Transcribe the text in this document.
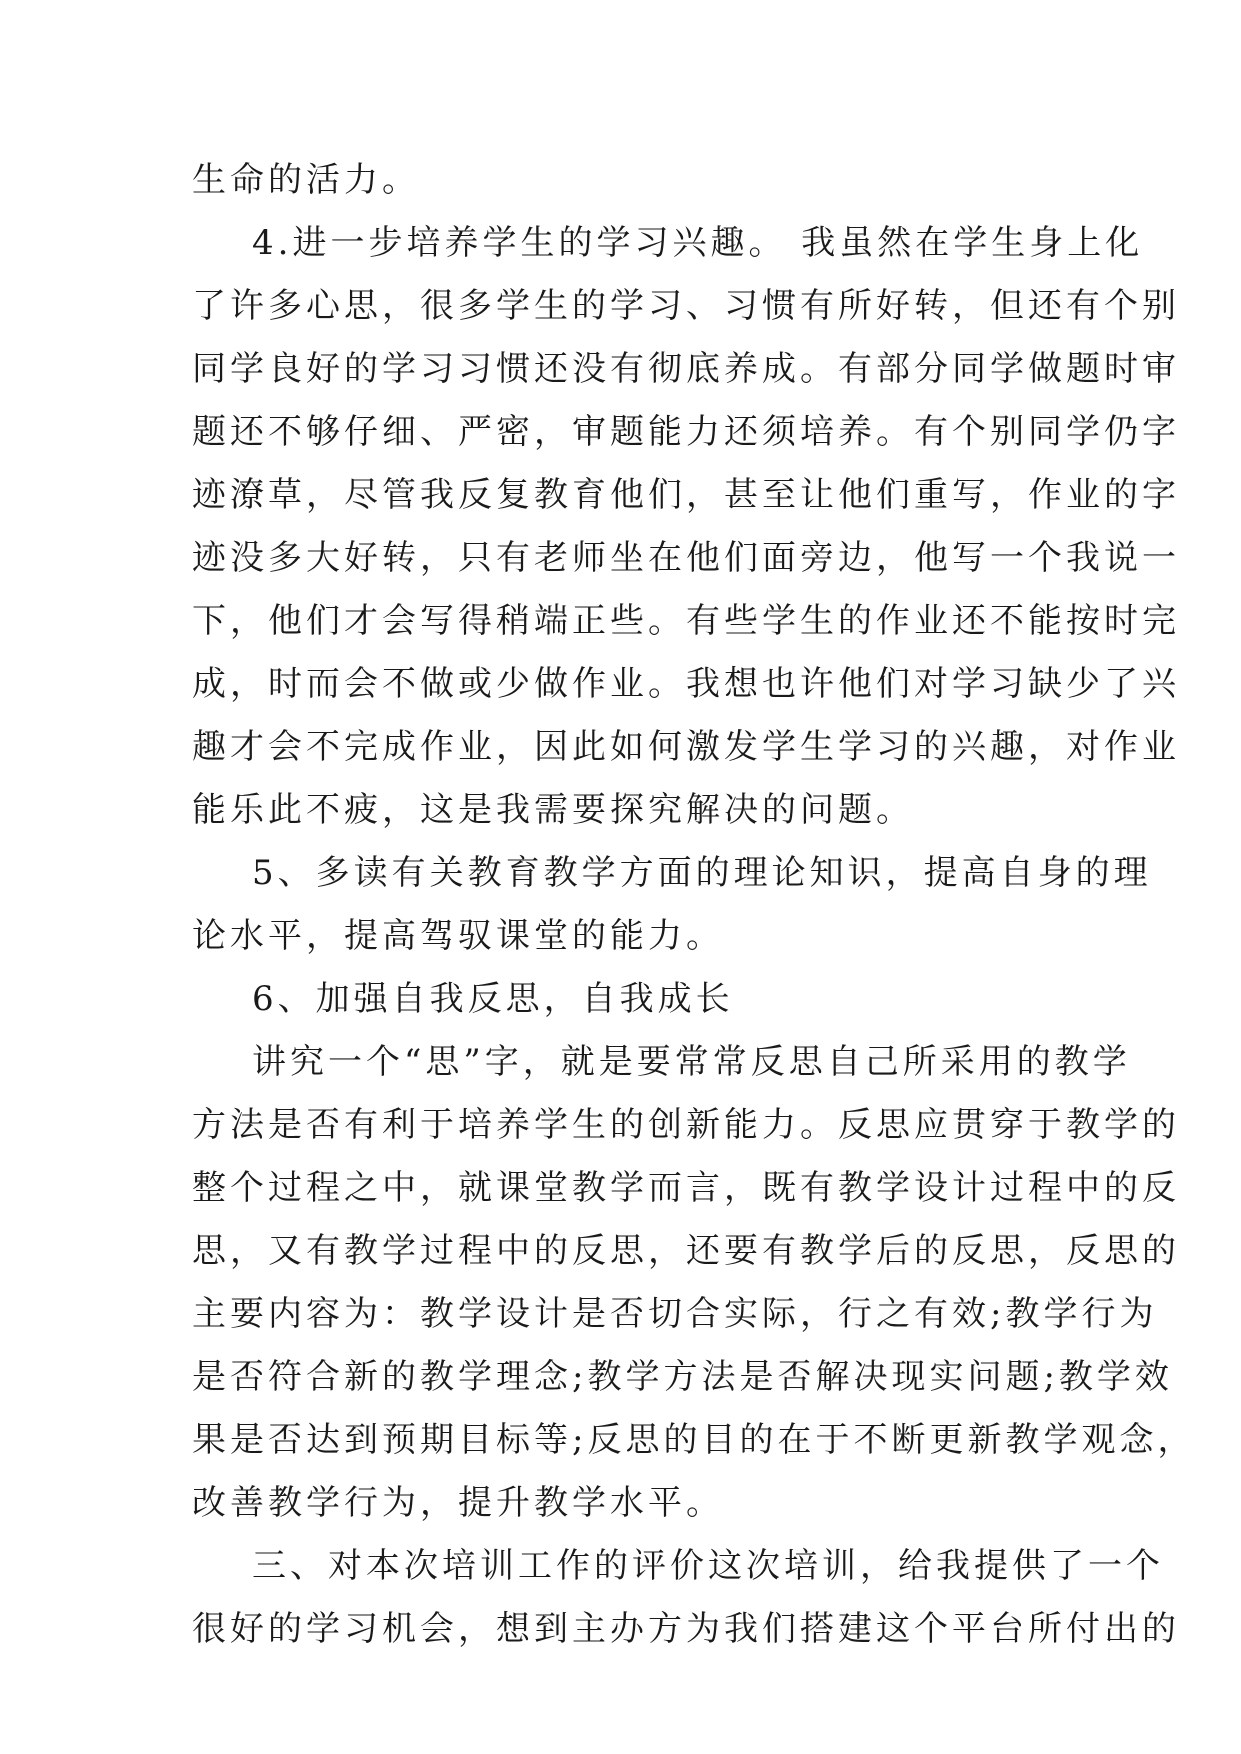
生命的活力。
4.进一步培养学生的学习兴趣。 我虽然在学生身上化
了许多心思，很多学生的学习、习惯有所好转，但还有个别
同学良好的学习习惯还没有彻底养成。有部分同学做题时审
题还不够仔细、严密，审题能力还须培养。有个别同学仍字
迹潦草，尽管我反复教育他们，甚至让他们重写，作业的字
迹没多大好转，只有老师坐在他们面旁边，他写一个我说一
下，他们才会写得稍端正些。有些学生的作业还不能按时完
成，时而会不做或少做作业。我想也许他们对学习缺少了兴
趣才会不完成作业，因此如何激发学生学习的兴趣，对作业
能乐此不疲，这是我需要探究解决的问题。
5、多读有关教育教学方面的理论知识，提高自身的理
论水平，提高驾驭课堂的能力。
6、加强自我反思，自我成长
讲究一个“思”字，就是要常常反思自己所采用的教学
方法是否有利于培养学生的创新能力。反思应贯穿于教学的
整个过程之中，就课堂教学而言，既有教学设计过程中的反
思，又有教学过程中的反思，还要有教学后的反思，反思的
主要内容为：教学设计是否切合实际，行之有效;教学行为
是否符合新的教学理念;教学方法是否解决现实问题;教学效
果是否达到预期目标等;反思的目的在于不断更新教学观念，
改善教学行为，提升教学水平。
三、对本次培训工作的评价这次培训，给我提供了一个
很好的学习机会，想到主办方为我们搭建这个平台所付出的
